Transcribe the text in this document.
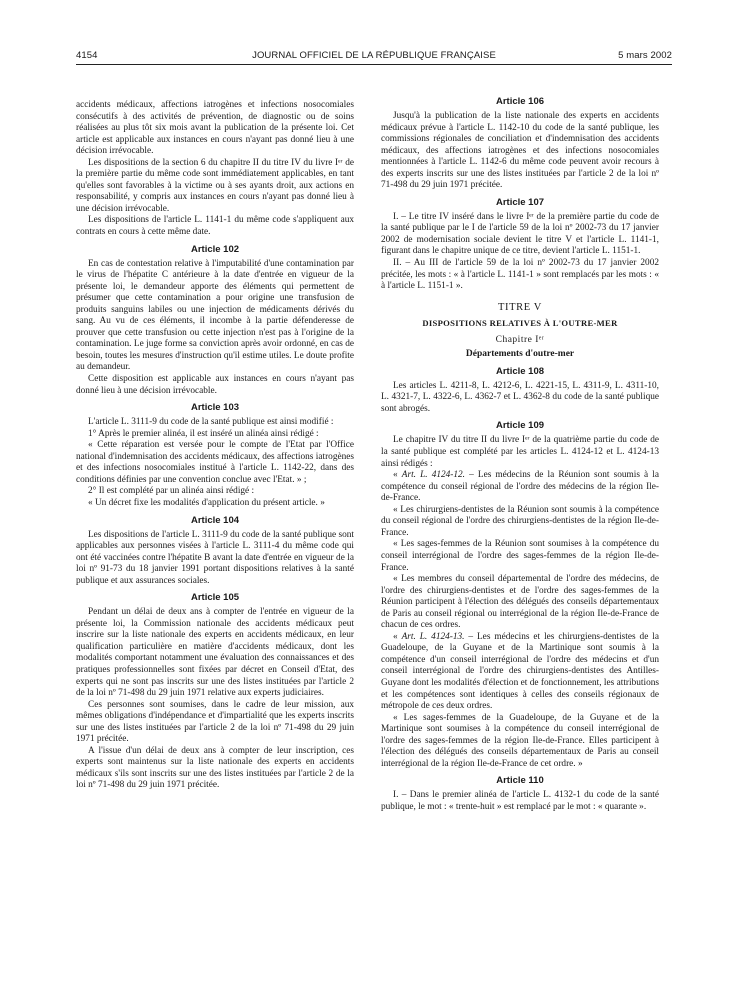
4154	JOURNAL OFFICIEL DE LA RÉPUBLIQUE FRANÇAISE	5 mars 2002

accidents médicaux, affections iatrogènes et infections nosocomiales consécutifs à des activités de prévention, de diagnostic ou de soins réalisées au plus tôt six mois avant la publication de la présente loi. Cet article est applicable aux instances en cours n'ayant pas donné lieu à une décision irrévocable.

Les dispositions de la section 6 du chapitre II du titre IV du livre Iᵉʳ de la première partie du même code sont immédiatement applicables, en tant qu'elles sont favorables à la victime ou à ses ayants droit, aux actions en responsabilité, y compris aux instances en cours n'ayant pas donné lieu à une décision irrévocable.

Les dispositions de l'article L. 1141-1 du même code s'appliquent aux contrats en cours à cette même date.

Article 102

En cas de contestation relative à l'imputabilité d'une contamination par le virus de l'hépatite C antérieure à la date d'entrée en vigueur de la présente loi, le demandeur apporte des éléments qui permettent de présumer que cette contamination a pour origine une transfusion de produits sanguins labiles ou une injection de médicaments dérivés du sang. Au vu de ces éléments, il incombe à la partie défenderesse de prouver que cette transfusion ou cette injection n'est pas à l'origine de la contamination. Le juge forme sa conviction après avoir ordonné, en cas de besoin, toutes les mesures d'instruction qu'il estime utiles. Le doute profite au demandeur.

Cette disposition est applicable aux instances en cours n'ayant pas donné lieu à une décision irrévocable.

Article 103

L'article L. 3111-9 du code de la santé publique est ainsi modifié :

1° Après le premier alinéa, il est inséré un alinéa ainsi rédigé :

« Cette réparation est versée pour le compte de l'Etat par l'Office national d'indemnisation des accidents médicaux, des affections iatrogènes et des infections nosocomiales institué à l'article L. 1142-22, dans des conditions définies par une convention conclue avec l'Etat. » ;

2° Il est complété par un alinéa ainsi rédigé :

« Un décret fixe les modalités d'application du présent article. »

Article 104

Les dispositions de l'article L. 3111-9 du code de la santé publique sont applicables aux personnes visées à l'article L. 3111-4 du même code qui ont été vaccinées contre l'hépatite B avant la date d'entrée en vigueur de la loi nº 91-73 du 18 janvier 1991 portant dispositions relatives à la santé publique et aux assurances sociales.

Article 105

Pendant un délai de deux ans à compter de l'entrée en vigueur de la présente loi, la Commission nationale des accidents médicaux peut inscrire sur la liste nationale des experts en accidents médicaux, en leur qualification particulière en matière d'accidents médicaux, dont les modalités comportant notamment une évaluation des connaissances et des pratiques professionnelles sont fixées par décret en Conseil d'Etat, des experts qui ne sont pas inscrits sur une des listes instituées par l'article 2 de la loi nº 71-498 du 29 juin 1971 relative aux experts judiciaires.

Ces personnes sont soumises, dans le cadre de leur mission, aux mêmes obligations d'indépendance et d'impartialité que les experts inscrits sur une des listes instituées par l'article 2 de la loi nº 71-498 du 29 juin 1971 précitée.

A l'issue d'un délai de deux ans à compter de leur inscription, ces experts sont maintenus sur la liste nationale des experts en accidents médicaux s'ils sont inscrits sur une des listes instituées par l'article 2 de la loi nº 71-498 du 29 juin 1971 précitée.

Article 106

Jusqu'à la publication de la liste nationale des experts en accidents médicaux prévue à l'article L. 1142-10 du code de la santé publique, les commissions régionales de conciliation et d'indemnisation des accidents médicaux, des affections iatrogènes et des infections nosocomiales mentionnées à l'article L. 1142-6 du même code peuvent avoir recours à des experts inscrits sur une des listes instituées par l'article 2 de la loi nº 71-498 du 29 juin 1971 précitée.

Article 107

I. – Le titre IV inséré dans le livre Iᵉʳ de la première partie du code de la santé publique par le I de l'article 59 de la loi nº 2002-73 du 17 janvier 2002 de modernisation sociale devient le titre V et l'article L. 1141-1, figurant dans le chapitre unique de ce titre, devient l'article L. 1151-1.

II. – Au III de l'article 59 de la loi nº 2002-73 du 17 janvier 2002 précitée, les mots : « à l'article L. 1141-1 » sont remplacés par les mots : « à l'article L. 1151-1 ».

TITRE V
DISPOSITIONS RELATIVES À L'OUTRE-MER
Chapitre Iᵉʳ
Départements d'outre-mer
Article 108

Les articles L. 4211-8, L. 4212-6, L. 4221-15, L. 4311-9, L. 4311-10, L. 4321-7, L. 4322-6, L. 4362-7 et L. 4362-8 du code de la santé publique sont abrogés.

Article 109

Le chapitre IV du titre II du livre Iᵉʳ de la quatrième partie du code de la santé publique est complété par les articles L. 4124-12 et L. 4124-13 ainsi rédigés :

« Art. L. 4124-12. – Les médecins de la Réunion sont soumis à la compétence du conseil régional de l'ordre des médecins de la région Ile-de-France.

« Les chirurgiens-dentistes de la Réunion sont soumis à la compétence du conseil régional de l'ordre des chirurgiens-dentistes de la région Ile-de-France.

« Les sages-femmes de la Réunion sont soumises à la compétence du conseil interrégional de l'ordre des sages-femmes de la région Ile-de-France.

« Les membres du conseil départemental de l'ordre des médecins, de l'ordre des chirurgiens-dentistes et de l'ordre des sages-femmes de la Réunion participent à l'élection des délégués des conseils départementaux de Paris au conseil régional ou interrégional de la région Ile-de-France de chacun de ces ordres.

« Art. L. 4124-13. – Les médecins et les chirurgiens-dentistes de la Guadeloupe, de la Guyane et de la Martinique sont soumis à la compétence d'un conseil interrégional de l'ordre des médecins et d'un conseil interrégional de l'ordre des chirurgiens-dentistes des Antilles-Guyane dont les modalités d'élection et de fonctionnement, les attributions et les compétences sont identiques à celles des conseils régionaux de métropole de ces deux ordres.

« Les sages-femmes de la Guadeloupe, de la Guyane et de la Martinique sont soumises à la compétence du conseil interrégional de l'ordre des sages-femmes de la région Ile-de-France. Elles participent à l'élection des délégués des conseils départementaux de Paris au conseil interrégional de la région Ile-de-France de cet ordre. »

Article 110

I. – Dans le premier alinéa de l'article L. 4132-1 du code de la santé publique, le mot : « trente-huit » est remplacé par le mot : « quarante ».
